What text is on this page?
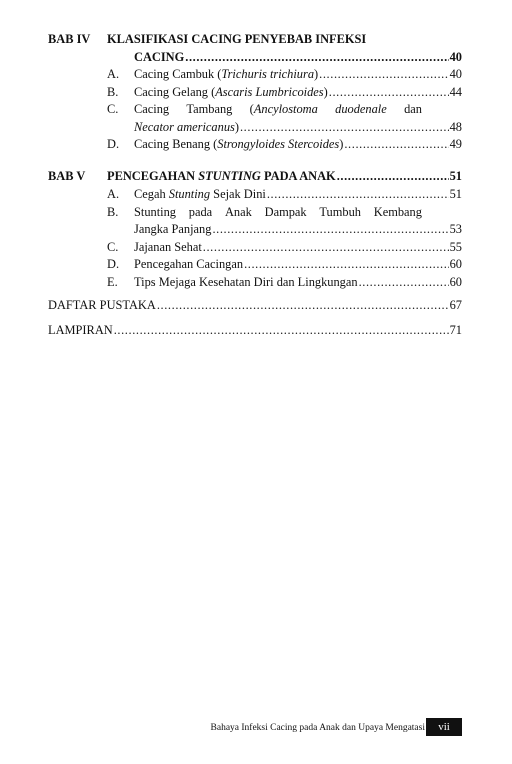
BAB IV KLASIFIKASI CACING PENYEBAB INFEKSI
CACING .....	40
A. Cacing Cambuk ( Trichuris trichiura ) .....	40
B. Cacing Gelang ( Ascaris Lumbricoides ) .....	44
C. Cacing Tambang (Ancylostoma duodenale dan
Necator americanus ) .....	48
D. Cacing Benang ( Strongyloides Stercoides ) .....	49
BAB V PENCEGAHAN STUNTING PADA ANAK .....	51
A. Cegah Stunting Sejak Dini .....	51
B. Stunting pada Anak Dampak Tumbuh Kembang
Jangka Panjang .....	53
C. Jajanan Sehat .....	55
D. Pencegahan Cacingan .....	60
E. Tips Mejaga Kesehatan Diri dan Lingkungan .....	60
DAFTAR PUSTAKA .....	67
LAMPIRAN .....	71
Bahaya Infeksi Cacing pada Anak dan Upaya Mengatasi	vii
